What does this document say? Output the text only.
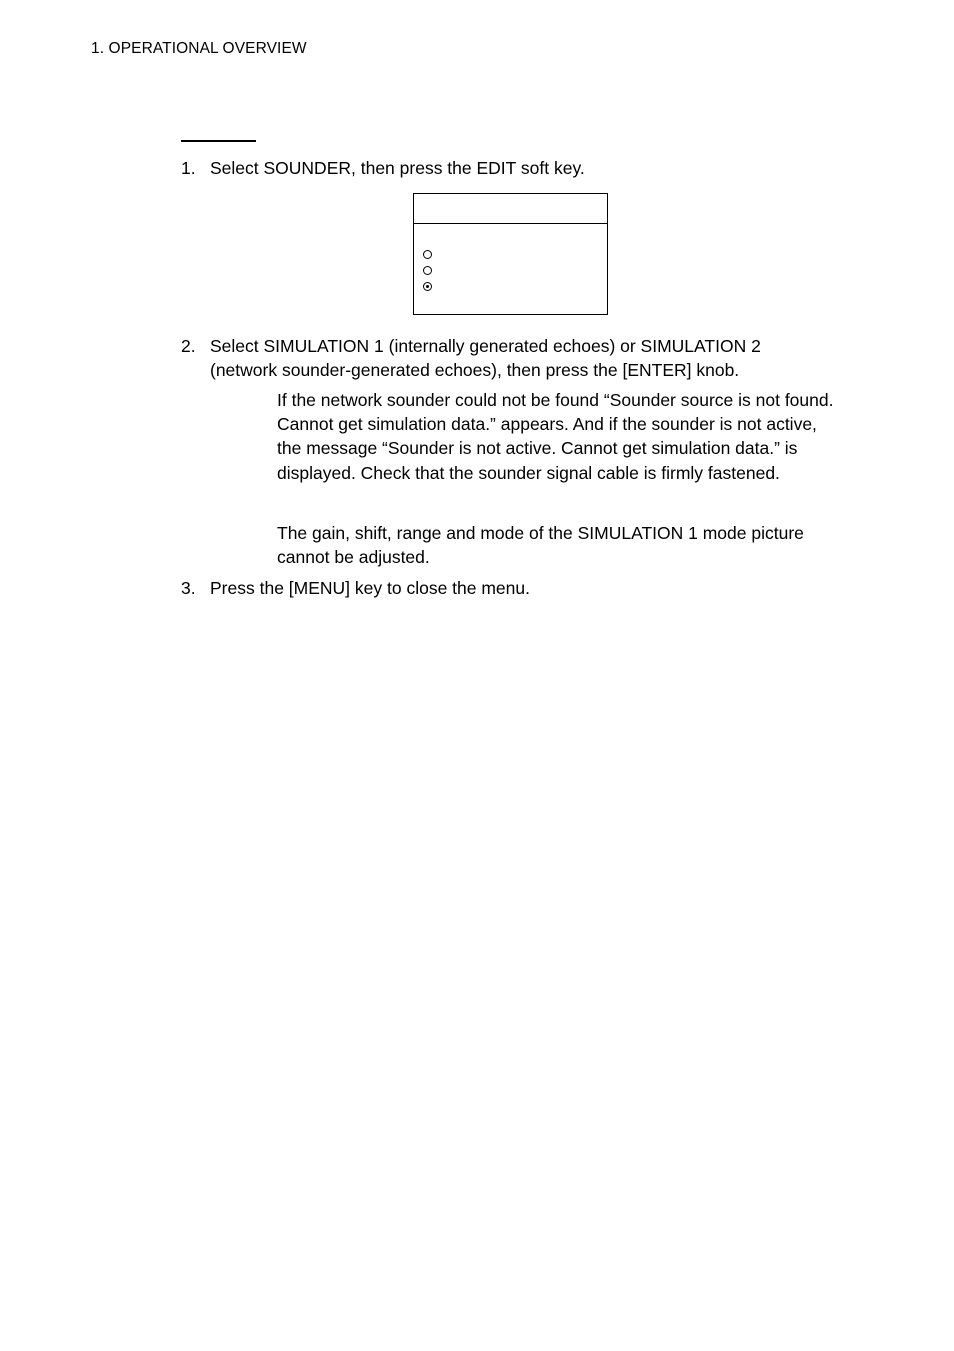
1. OPERATIONAL OVERVIEW
1. Select SOUNDER, then press the EDIT soft key.
2. Select SIMULATION 1 (internally generated echoes) or SIMULATION 2 (network sounder-generated echoes), then press the [ENTER] knob.
If the network sounder could not be found “Sounder source is not found. Cannot get simulation data.” appears. And if the sounder is not active, the message “Sounder is not active. Cannot get simulation data.” is displayed. Check that the sounder signal cable is firmly fastened.
The gain, shift, range and mode of the SIMULATION 1 mode picture cannot be adjusted.
3. Press the [MENU] key to close the menu.
